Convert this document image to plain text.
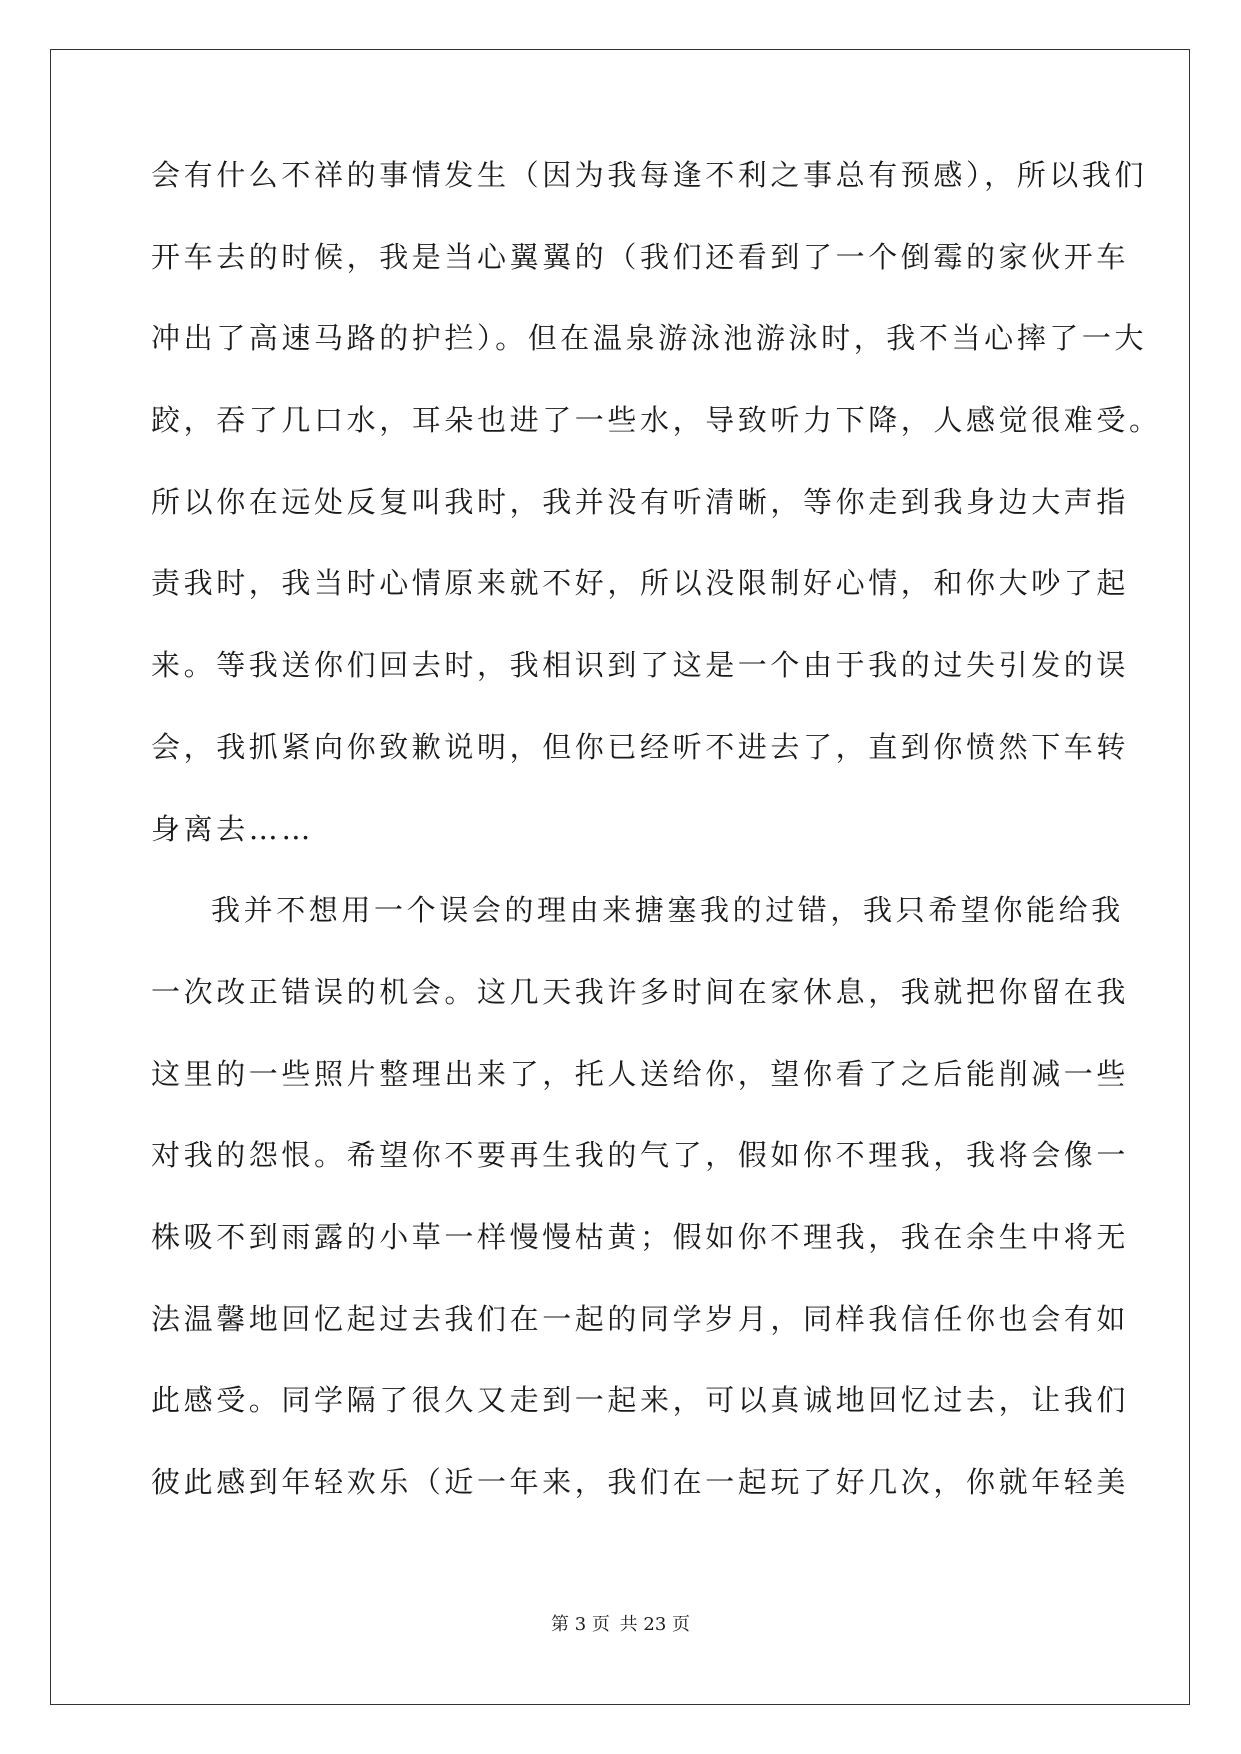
会有什么不祥的事情发生（因为我每逢不利之事总有预感），所以我们
开车去的时候，我是当心翼翼的（我们还看到了一个倒霉的家伙开车
冲出了高速马路的护拦）。但在温泉游泳池游泳时，我不当心摔了一大
跤，吞了几口水，耳朵也进了一些水，导致听力下降，人感觉很难受。
所以你在远处反复叫我时，我并没有听清晰，等你走到我身边大声指
责我时，我当时心情原来就不好，所以没限制好心情，和你大吵了起
来。等我送你们回去时，我相识到了这是一个由于我的过失引发的误
会，我抓紧向你致歉说明，但你已经听不进去了，直到你愤然下车转
身离去……
我并不想用一个误会的理由来搪塞我的过错，我只希望你能给我
一次改正错误的机会。这几天我许多时间在家休息，我就把你留在我
这里的一些照片整理出来了，托人送给你，望你看了之后能削减一些
对我的怨恨。希望你不要再生我的气了，假如你不理我，我将会像一
株吸不到雨露的小草一样慢慢枯黄；假如你不理我，我在余生中将无
法温馨地回忆起过去我们在一起的同学岁月，同样我信任你也会有如
此感受。同学隔了很久又走到一起来，可以真诚地回忆过去，让我们
彼此感到年轻欢乐（近一年来，我们在一起玩了好几次，你就年轻美
第 3 页 共 23 页
